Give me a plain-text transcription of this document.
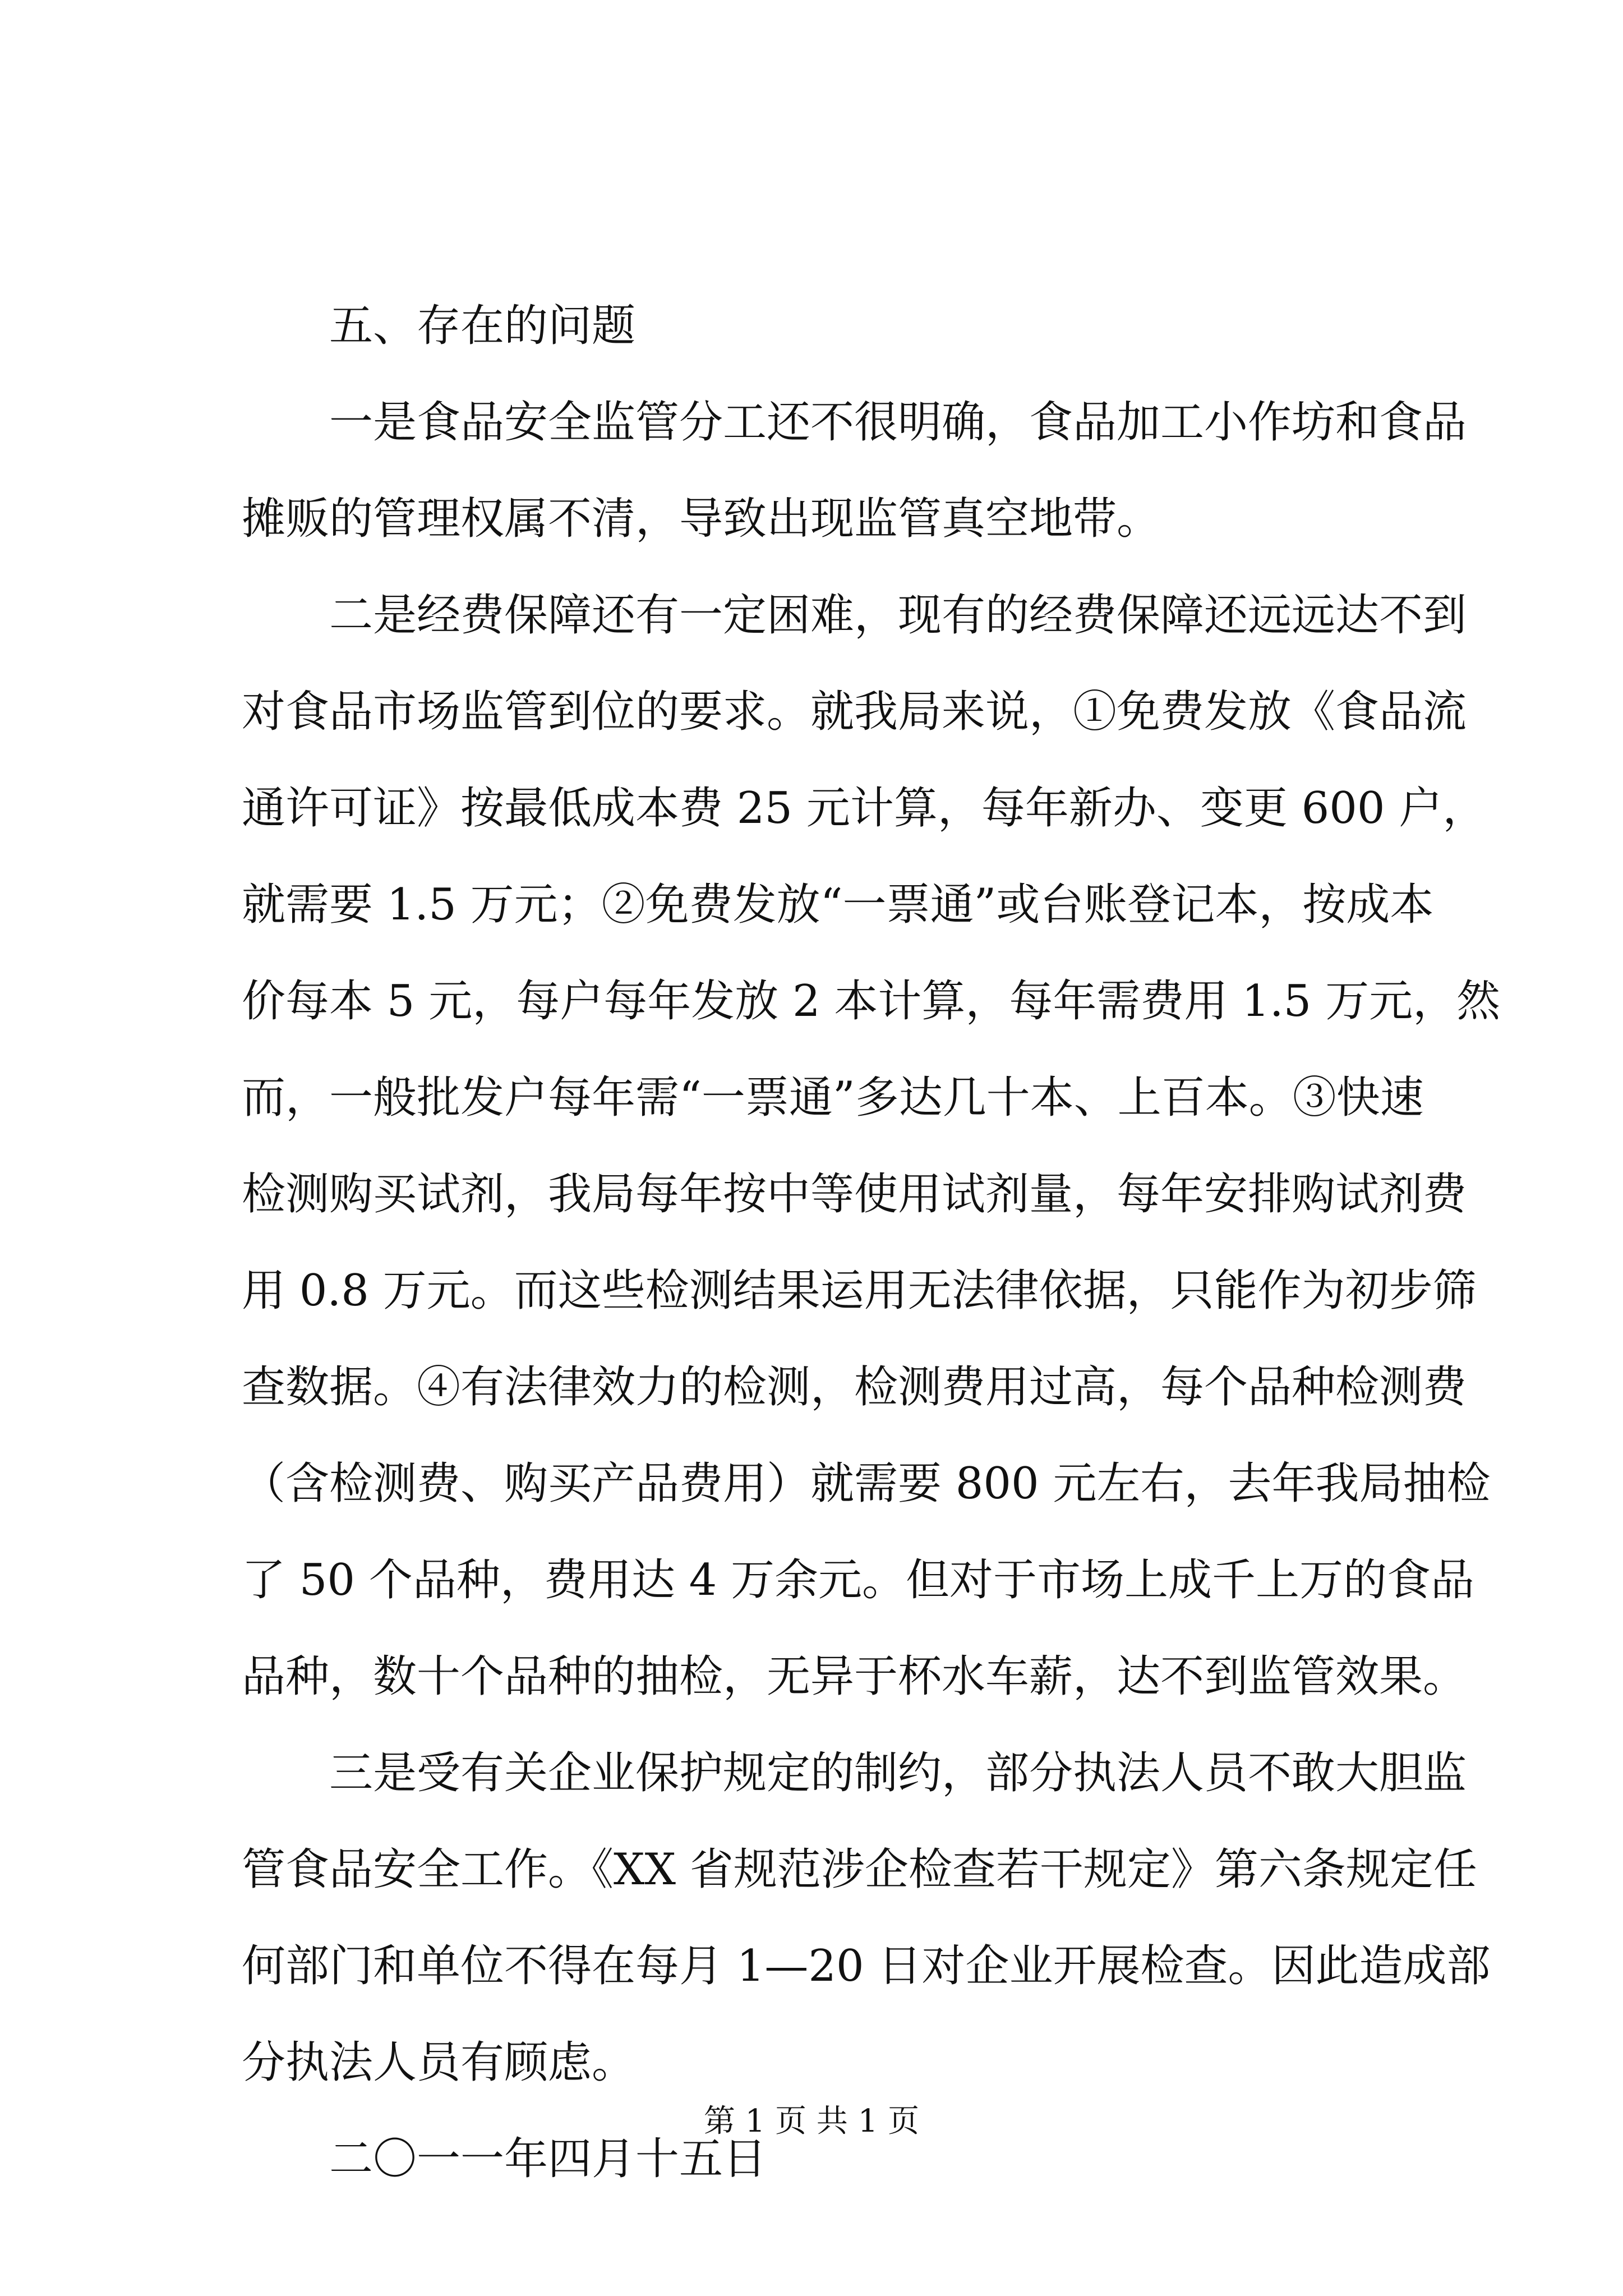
五、存在的问题
一是食品安全监管分工还不很明确，食品加工小作坊和食品
摊贩的管理权属不清，导致出现监管真空地带。
二是经费保障还有一定困难，现有的经费保障还远远达不到
对食品市场监管到位的要求。就我局来说，①免费发放《食品流
通许可证》按最低成本费 25 元计算，每年新办、变更 600 户，
就需要 1.5 万元；②免费发放“一票通”或台账登记本，按成本
价每本 5 元，每户每年发放 2 本计算，每年需费用 1.5 万元，然
而，一般批发户每年需“一票通”多达几十本、上百本。③快速
检测购买试剂，我局每年按中等使用试剂量，每年安排购试剂费
用 0.8 万元。而这些检测结果运用无法律依据，只能作为初步筛
查数据。④有法律效力的检测，检测费用过高，每个品种检测费
（含检测费、购买产品费用）就需要 800 元左右，去年我局抽检
了 50 个品种，费用达 4 万余元。但对于市场上成千上万的食品
品种，数十个品种的抽检，无异于杯水车薪，达不到监管效果。
三是受有关企业保护规定的制约，部分执法人员不敢大胆监
管食品安全工作。《XX 省规范涉企检查若干规定》第六条规定任
何部门和单位不得在每月 1—20 日对企业开展检查。因此造成部
分执法人员有顾虑。
二〇一一年四月十五日
第 1 页 共 1 页
